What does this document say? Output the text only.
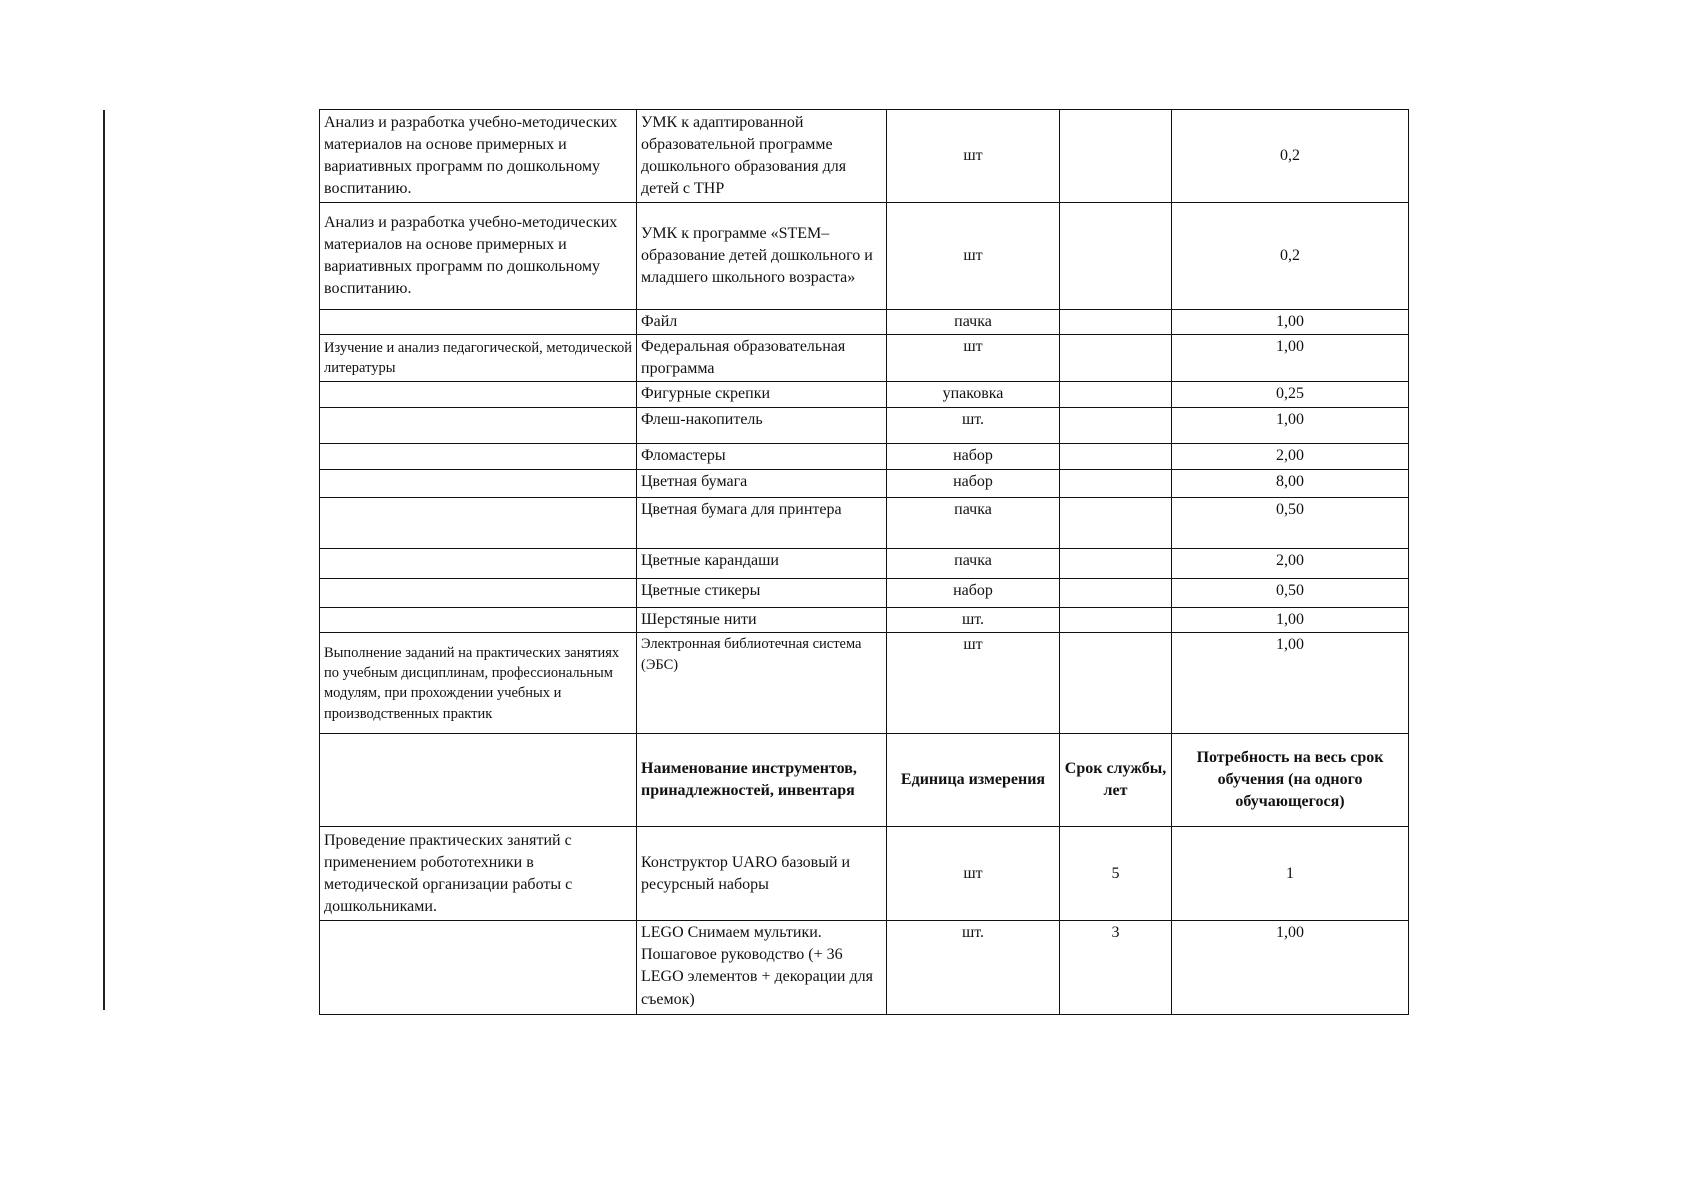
Анализ и разработка учебно-методических материалов на основе примерных и вариативных программ по дошкольному воспитанию.	УМК к адаптированной образовательной программе дошкольного образования для детей с ТНР	шт		0,2
Анализ и разработка учебно-методических материалов на основе примерных и вариативных программ по дошкольному воспитанию.	УМК к программе «STEM–образование детей дошкольного и младшего школьного возраста»	шт		0,2
	Файл	пачка		1,00
Изучение и анализ педагогической, методической литературы	Федеральная образовательная программа	шт		1,00
	Фигурные скрепки	упаковка		0,25
	Флеш-накопитель	шт.		1,00
	Фломастеры	набор		2,00
	Цветная бумага	набор		8,00
	Цветная бумага для принтера	пачка		0,50
	Цветные карандаши	пачка		2,00
	Цветные стикеры	набор		0,50
	Шерстяные нити	шт.		1,00
Выполнение заданий на практических занятиях по учебным дисциплинам, профессиональным модулям, при прохождении учебных и производственных практик	Электронная библиотечная система (ЭБС)	шт		1,00
	Наименование инструментов, принадлежностей, инвентаря	Единица измерения	Срок службы, лет	Потребность на весь срок обучения (на одного обучающегося)
Проведение практических занятий с применением робототехники в методической организации работы с дошкольниками.	Конструктор UARO базовый и ресурсный наборы	шт	5	1
	LEGO Снимаем мультики. Пошаговое руководство (+ 36 LEGO элементов + декорации для съемок)	шт.	3	1,00
